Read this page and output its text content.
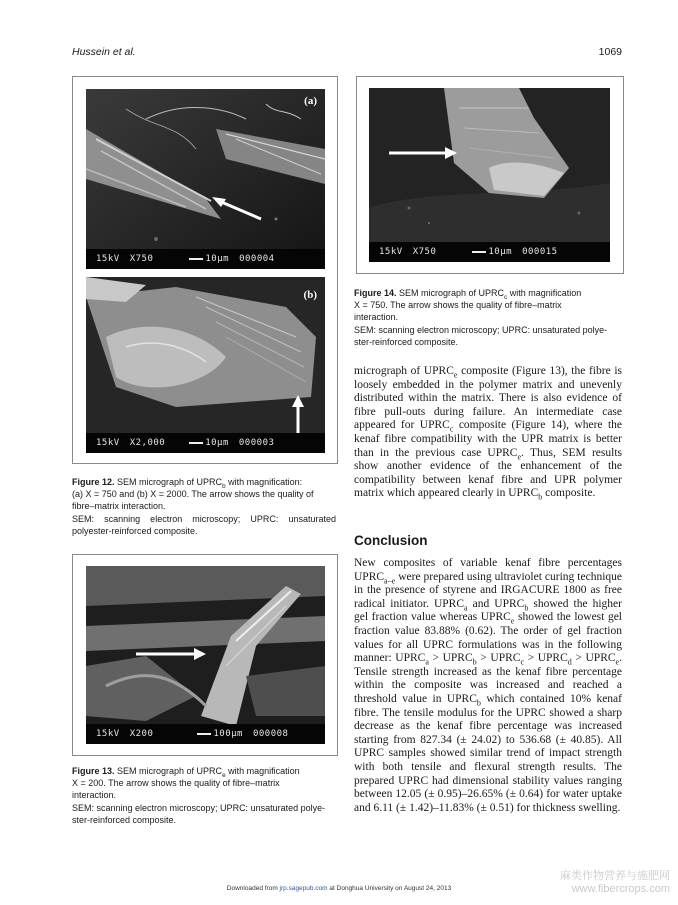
Hussein et al.	1069
(a)
15kV X750	10μm 000004
(b)
15kV X2,000	10μm 000003
Figure 12. SEM micrograph of $UPRC_b$ with magnification:
(a) X = 750 and (b) X = 2000. The arrow shows the quality of
fibre–matrix interaction.
SEM: scanning electron microscopy; UPRC: unsaturated
polyester-reinforced composite.
15kV X200	100μm 000008
Figure 13. SEM micrograph of $UPRC_e$ with magnification
X = 200. The arrow shows the quality of fibre–matrix
interaction.
SEM: scanning electron microscopy; UPRC: unsaturated polye-
ster-reinforced composite.
15kV X750	10μm 000015
Figure 14. SEM micrograph of $UPRC_c$ with magnification
X = 750. The arrow shows the quality of fibre–matrix
interaction.
SEM: scanning electron microscopy; UPRC: unsaturated polye-
ster-reinforced composite.

micrograph of $UPRC_e$ composite (Figure 13), the fibre is loosely embedded in the polymer matrix and unevenly distributed within the matrix. There is also evidence of fibre pull-outs during failure. An intermediate case appeared for $UPRC_c$ composite (Figure 14), where the kenaf fibre compatibility with the UPR matrix is better than in the previous case $UPRC_e$. Thus, SEM results show another evidence of the enhancement of the compatibility between kenaf fibre and UPR polymer matrix which appeared clearly in $UPRC_b$ composite.

Conclusion

New composites of variable kenaf fibre percentages $UPRC_{a-e}$ were prepared using ultraviolet curing technique in the presence of styrene and IRGACURE 1800 as free radical initiator. $UPRC_a$ and $UPRC_b$ showed the higher gel fraction value whereas $UPRC_e$ showed the lowest gel fraction value 83.88% (0.62). The order of gel fraction values for all UPRC formulations was in the following manner: $UPRC_a$ > $UPRC_b$ > $UPRC_c$ > $UPRC_d$ > $UPRC_e$. Tensile strength increased as the kenaf fibre percentage within the composite was increased and reached a threshold value in $UPRC_b$ which contained 10% kenaf fibre. The tensile modulus for the UPRC showed a sharp decrease as the kenaf fibre percentage was increased starting from 827.34 (± 24.02) to 536.68 (± 40.85). All UPRC samples showed similar trend of impact strength with both tensile and flexural strength results. The prepared UPRC had dimensional stability values ranging between 12.05 (± 0.95)–26.65% (± 0.64) for water uptake and 6.11 (± 1.42)–11.83% (± 0.51) for thickness swelling.

Downloaded from jrp.sagepub.com at Donghua University on August 24, 2013
麻类作物营养与施肥网
www.fibercrops.com
